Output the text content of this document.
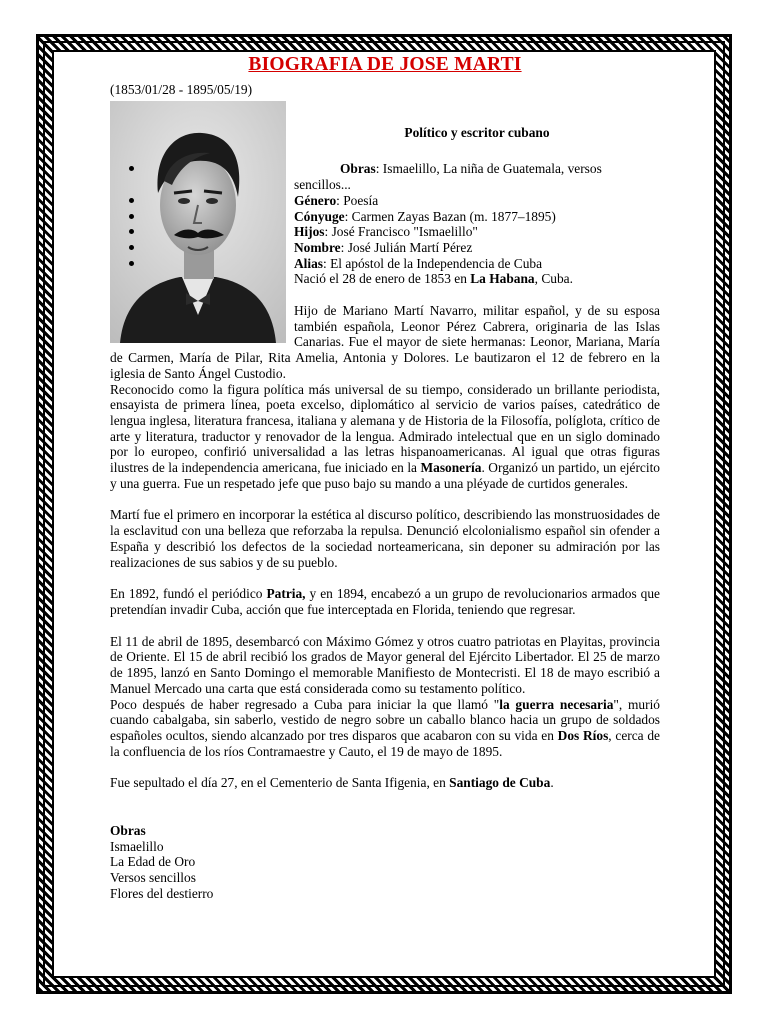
BIOGRAFIA DE JOSE MARTI

(1853/01/28 - 1895/05/19)

Político y escritor cubano
Obras: Ismaelillo, La niña de Guatemala, versos sencillos...
Género: Poesía
Cónyuge: Carmen Zayas Bazan (m. 1877–1895)
Hijos: José Francisco "Ismaelillo"
Nombre: José Julián Martí Pérez
Alias: El apóstol de la Independencia de Cuba

Nació el 28 de enero de 1853 en La Habana, Cuba.

Hijo de Mariano Martí Navarro, militar español, y de su esposa también española, Leonor Pérez Cabrera, originaria de las Islas Canarias. Fue el mayor de siete hermanas: Leonor, Mariana, María de Carmen, María de Pilar, Rita Amelia, Antonia y Dolores. Le bautizaron el 12 de febrero en la iglesia de Santo Ángel Custodio.

Reconocido como la figura política más universal de su tiempo, considerado un brillante periodista, ensayista de primera línea, poeta excelso, diplomático al servicio de varios países, catedrático de lengua inglesa, literatura francesa, italiana y alemana y de Historia de la Filosofía, políglota, crítico de arte y literatura, traductor y renovador de la lengua. Admirado intelectual que en un siglo dominado por lo europeo, confirió universalidad a las letras hispanoamericanas. Al igual que otras figuras ilustres de la independencia americana, fue iniciado en la Masonería. Organizó un partido, un ejército y una guerra. Fue un respetado jefe que puso bajo su mando a una pléyade de curtidos generales.

Martí fue el primero en incorporar la estética al discurso político, describiendo las monstruosidades de la esclavitud con una belleza que reforzaba la repulsa. Denunció elcolonialismo español sin ofender a España y describió los defectos de la sociedad norteamericana, sin deponer su admiración por las realizaciones de sus sabios y de su pueblo.

En 1892, fundó el periódico Patria, y en 1894, encabezó a un grupo de revolucionarios armados que pretendían invadir Cuba, acción que fue interceptada en Florida, teniendo que regresar.

El 11 de abril de 1895, desembarcó con Máximo Gómez y otros cuatro patriotas en Playitas, provincia de Oriente. El 15 de abril recibió los grados de Mayor general del Ejército Libertador. El 25 de marzo de 1895, lanzó en Santo Domingo el memorable Manifiesto de Montecristi. El 18 de mayo escribió a Manuel Mercado una carta que está considerada como su testamento político.

Poco después de haber regresado a Cuba para iniciar la que llamó "la guerra necesaria", murió cuando cabalgaba, sin saberlo, vestido de negro sobre un caballo blanco hacia un grupo de soldados españoles ocultos, siendo alcanzado por tres disparos que acabaron con su vida en Dos Ríos, cerca de la confluencia de los ríos Contramaestre y Cauto, el 19 de mayo de 1895.

Fue sepultado el día 27, en el Cementerio de Santa Ifigenia, en Santiago de Cuba.

Obras

Ismaelillo
La Edad de Oro
Versos sencillos
Flores del destierro
